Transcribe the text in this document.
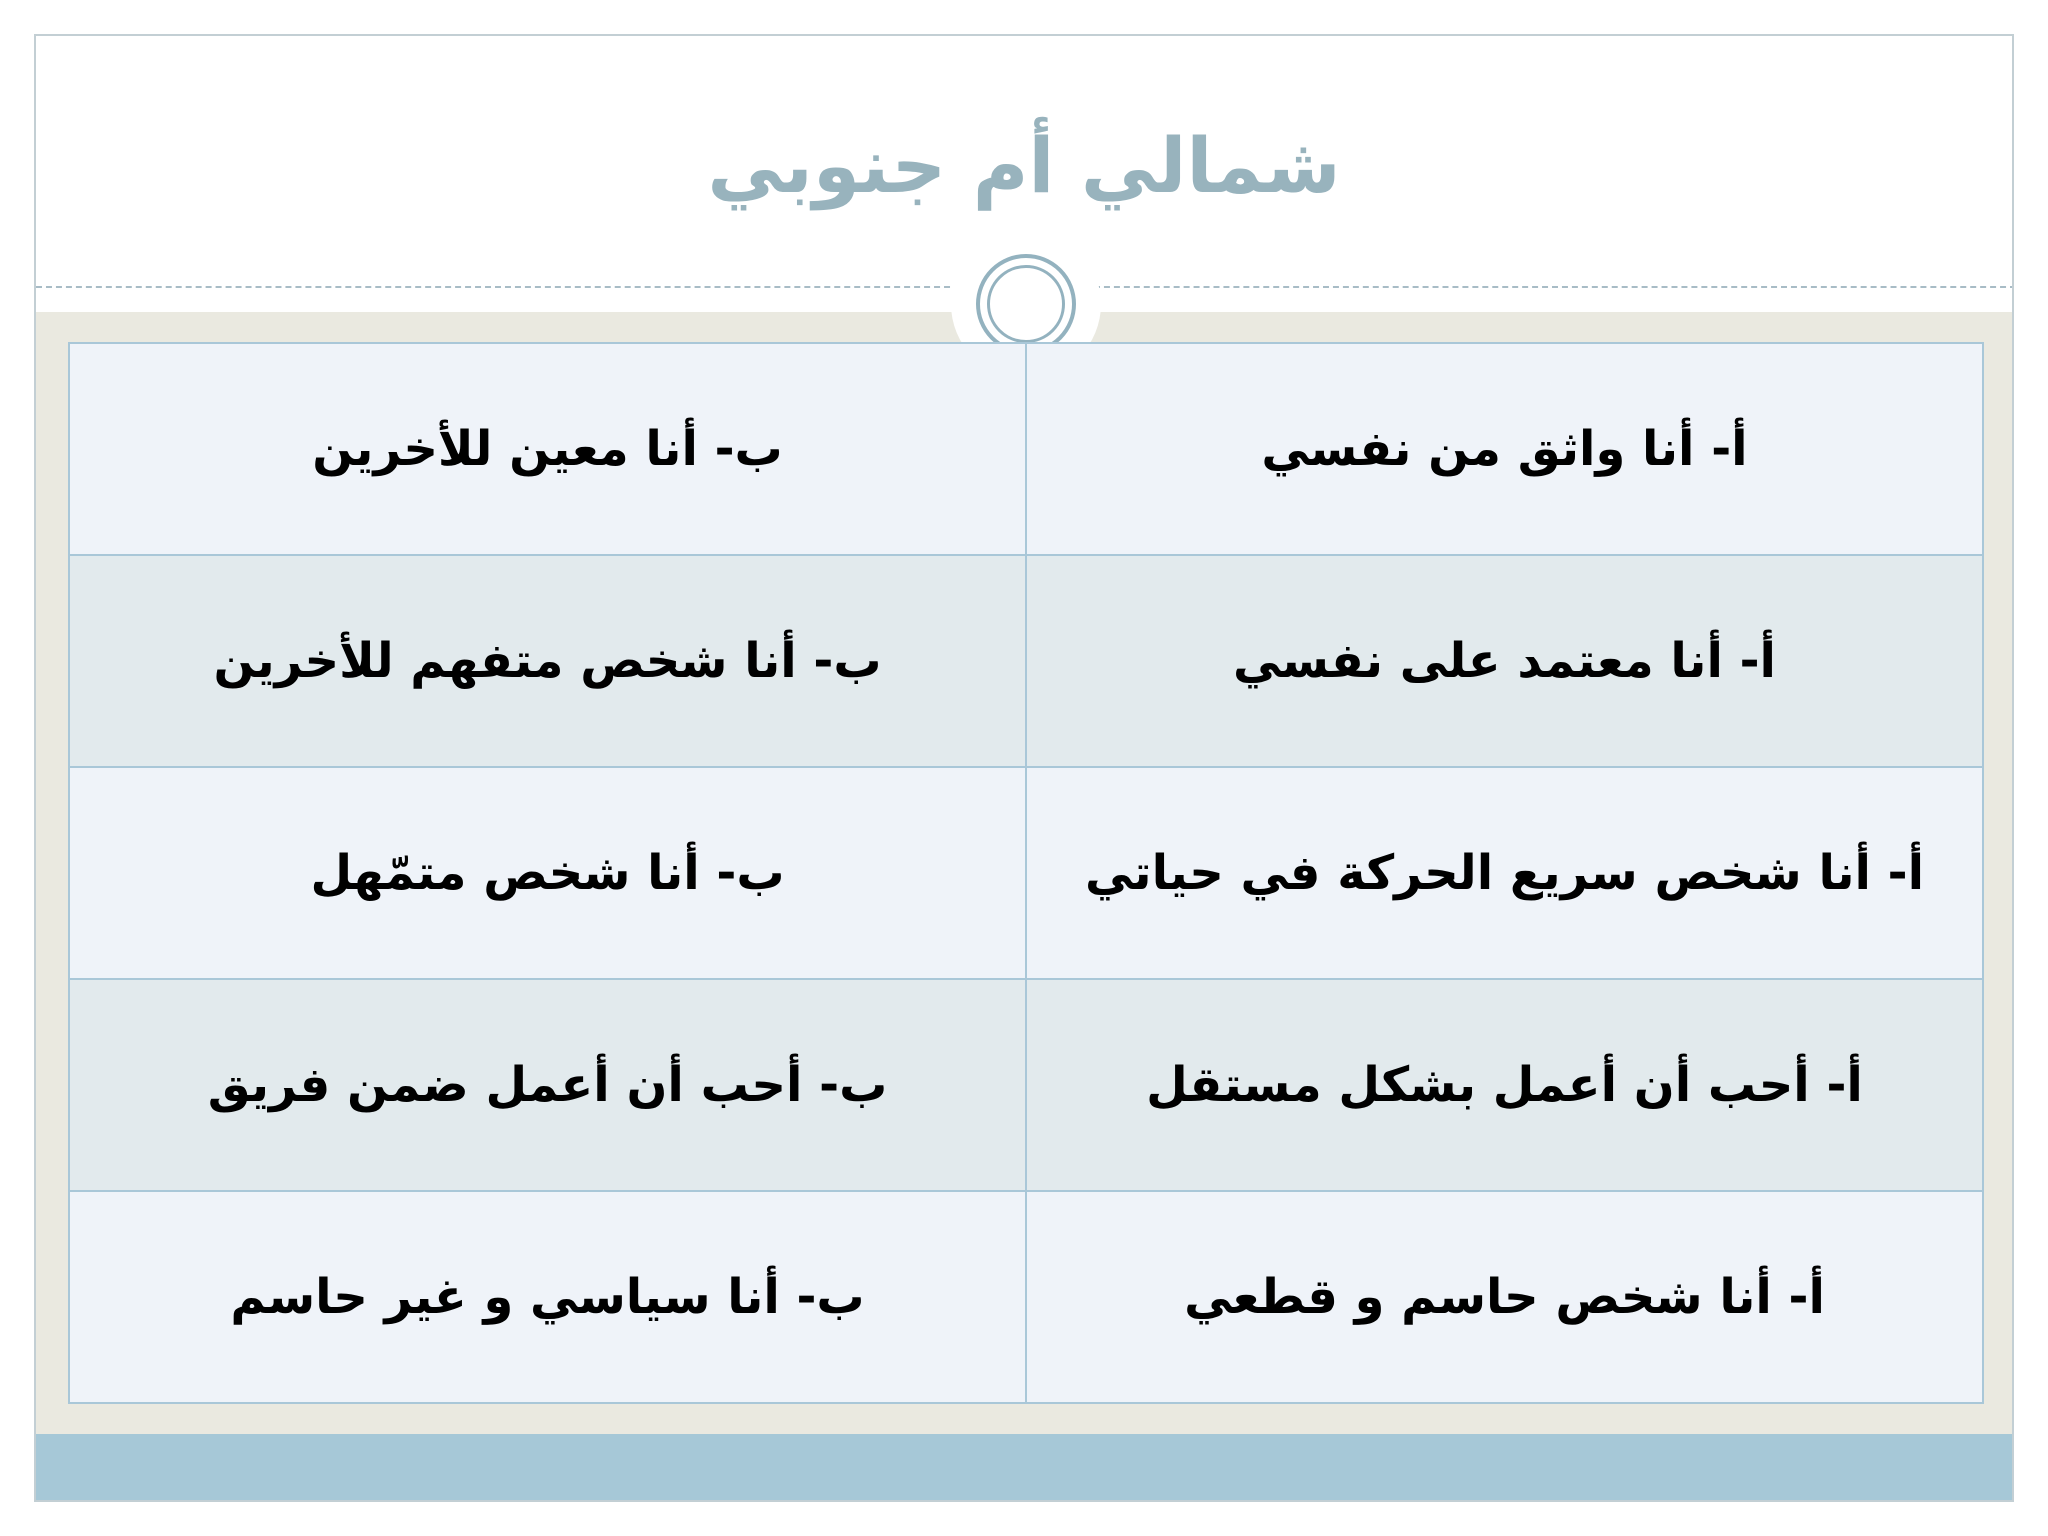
شمالي أم جنوبي
أ- أنا واثق من نفسي
ب- أنا معين للأخرين
أ- أنا معتمد على نفسي
ب- أنا شخص متفهم للأخرين
أ- أنا شخص سريع الحركة في حياتي
ب- أنا شخص متمّهل
أ- أحب أن أعمل بشكل مستقل
ب- أحب أن أعمل ضمن فريق
أ- أنا شخص حاسم و قطعي
ب- أنا سياسي و غير حاسم
